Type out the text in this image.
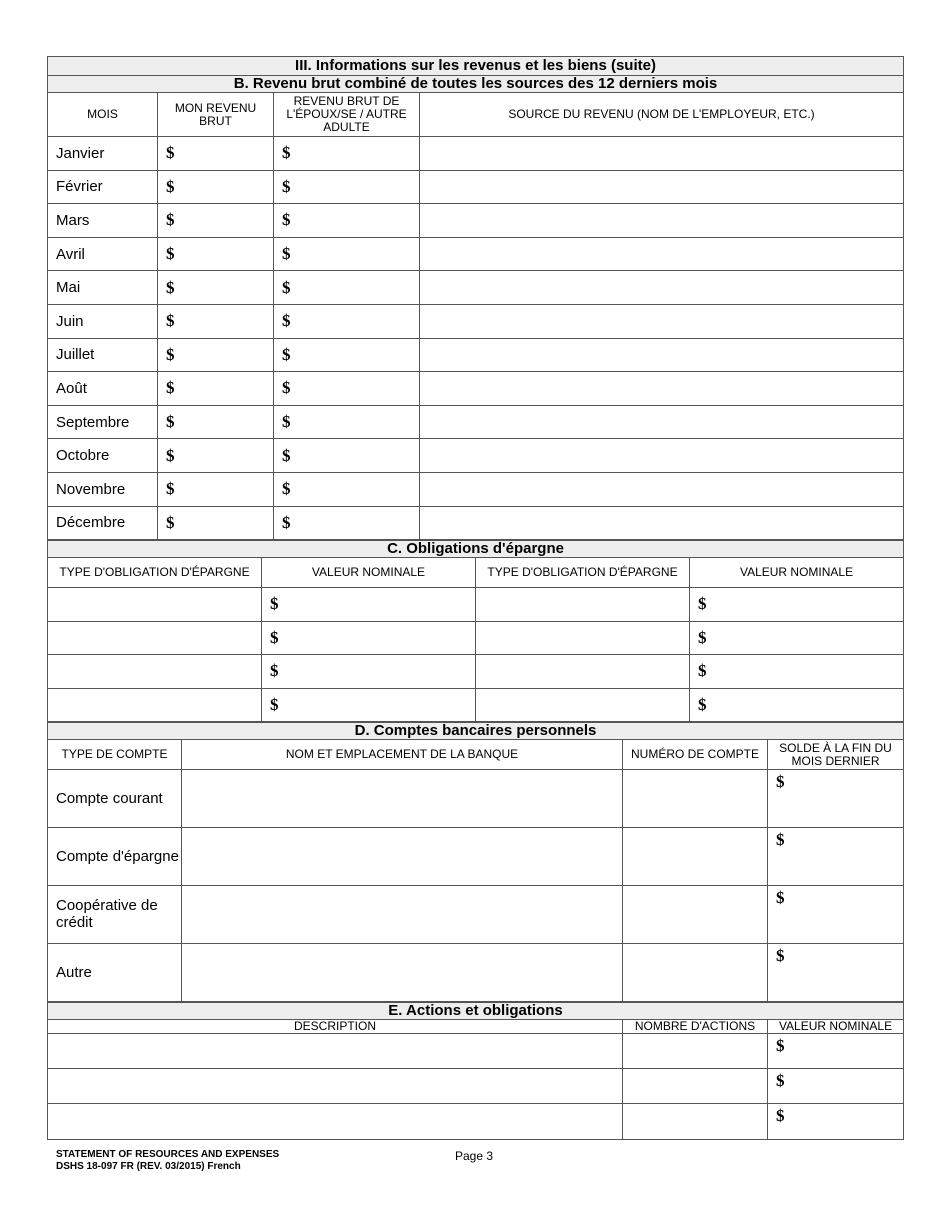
III. Informations sur les revenus et les biens (suite)			
B. Revenu brut combiné de toutes les sources des 12 derniers mois			
MOIS	MON REVENU BRUT	REVENU BRUT DE L'ÉPOUX/SE / AUTRE ADULTE	SOURCE DU REVENU (NOM DE L'EMPLOYEUR, ETC.)
Janvier	$	$	
Février	$	$	
Mars	$	$	
Avril	$	$	
Mai	$	$	
Juin	$	$	
Juillet	$	$	
Août	$	$	
Septembre	$	$	
Octobre	$	$	
Novembre	$	$	
Décembre	$	$	
C. Obligations d'épargne			
TYPE D'OBLIGATION D'ÉPARGNE	VALEUR NOMINALE	TYPE D'OBLIGATION D'ÉPARGNE	VALEUR NOMINALE
	$		$
	$		$
	$		$
	$		$
D. Comptes bancaires personnels			
TYPE DE COMPTE	NOM ET EMPLACEMENT DE LA BANQUE	NUMÉRO DE COMPTE	SOLDE À LA FIN DU MOIS DERNIER
Compte courant			$
Compte d'épargne			$
Coopérative de crédit			$
Autre			$
E. Actions et obligations		
DESCRIPTION	NOMBRE D'ACTIONS	VALEUR NOMINALE
		$
		$
		$
STATEMENT OF RESOURCES AND EXPENSES
DSHS 18-097 FR (REV. 03/2015) French
Page 3
